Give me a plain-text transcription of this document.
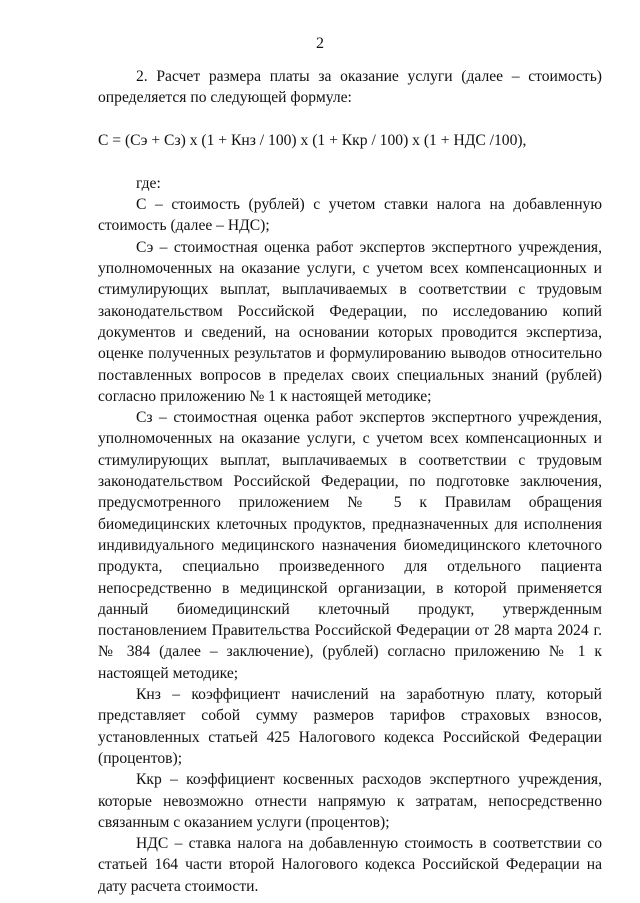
2

2. Расчет размера платы за оказание услуги (далее – стоимость) определяется по следующей формуле:

С = (Сэ + Сз) x (1 + Кнз / 100) x (1 + Ккр / 100) x (1 + НДС /100),

где:

С – стоимость (рублей) с учетом ставки налога на добавленную стоимость (далее – НДС);

Сэ – стоимостная оценка работ экспертов экспертного учреждения, уполномоченных на оказание услуги, с учетом всех компенсационных и стимулирующих выплат, выплачиваемых в соответствии с трудовым законодательством Российской Федерации, по исследованию копий документов и сведений, на основании которых проводится экспертиза, оценке полученных результатов и формулированию выводов относительно поставленных вопросов в пределах своих специальных знаний (рублей) согласно приложению № 1 к настоящей методике;

Сз – стоимостная оценка работ экспертов экспертного учреждения, уполномоченных на оказание услуги, с учетом всех компенсационных и стимулирующих выплат, выплачиваемых в соответствии с трудовым законодательством Российской Федерации, по подготовке заключения, предусмотренного приложением № 5 к Правилам обращения биомедицинских клеточных продуктов, предназначенных для исполнения индивидуального медицинского назначения биомедицинского клеточного продукта, специально произведенного для отдельного пациента непосредственно в медицинской организации, в которой применяется данный биомедицинский клеточный продукт, утвержденным постановлением Правительства Российской Федерации от 28 марта 2024 г. № 384 (далее – заключение), (рублей) согласно приложению № 1 к настоящей методике;

Кнз – коэффициент начислений на заработную плату, который представляет собой сумму размеров тарифов страховых взносов, установленных статьей 425 Налогового кодекса Российской Федерации (процентов);

Ккр – коэффициент косвенных расходов экспертного учреждения, которые невозможно отнести напрямую к затратам, непосредственно связанным с оказанием услуги (процентов);

НДС – ставка налога на добавленную стоимость в соответствии со статьей 164 части второй Налогового кодекса Российской Федерации на дату расчета стоимости.
